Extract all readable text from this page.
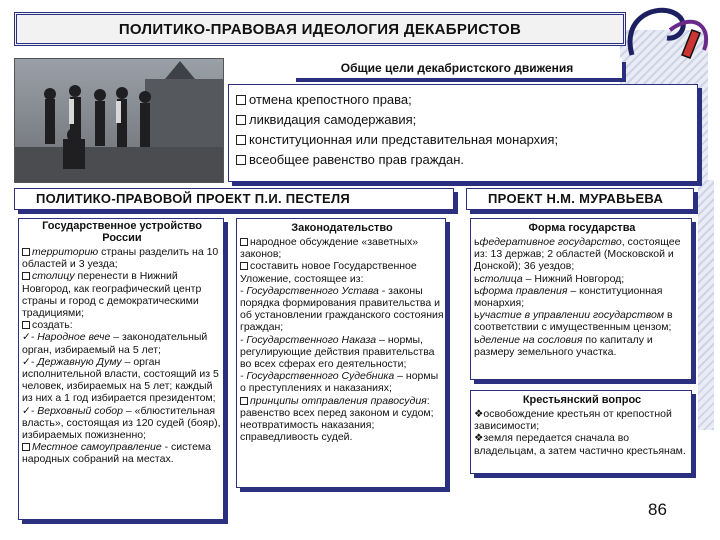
ПОЛИТИКО-ПРАВОВАЯ ИДЕОЛОГИЯ ДЕКАБРИСТОВ
Общие цели декабристского движения
отмена крепостного права;
ликвидация самодержавия;
конституционная или представительная монархия;
всеобщее равенство прав граждан.
ПОЛИТИКО-ПРАВОВОЙ ПРОЕКТ П.И. ПЕСТЕЛЯ	ПРОЕКТ Н.М. МУРАВЬЕВА
Государственное устройство России

территорию страны разделить на 10 областей и 3 уезда;

столицу перенести в Нижний Новгород, как географический центр страны и город с демократическими традициями;

создать:

✓- Народное вече – законодательный орган, избираемый на 5 лет;

✓- Державную Думу – орган исполнительной власти, состоящий из 5 человек, избираемых на 5 лет; каждый из них а 1 год избирается президентом;

✓- Верховный собор – «блюстительная власть», состоящая из 120 судей (бояр), избираемых пожизненно;

Местное самоуправление - система народных собраний на местах.

Законодательство

народное обсуждение «заветных» законов;

составить новое Государственное Уложение, состоящее из:

- Государственного Устава - законы порядка формирования правительства и об установлении гражданского состояния граждан;

- Государственного Наказа – нормы, регулирующие действия правительства во всех сферах его деятельности;

- Государственного Судебника – нормы о преступлениях и наказаниях;

принципы отправления правосудия: равенство всех перед законом и судом; неотвратимость наказания; справедливость судей.

Форма государства

ьфедеративное государство, состоящее из: 13 держав; 2 областей (Московской и Донской); 36 уездов;

ьстолица – Нижний Новгород;

ьформа правления – конституционная монархия;

ьучастие в управлении государством в соответствии с имущественным цензом;

ьделение на сословия по капиталу и размеру земельного участка.

Крестьянский вопрос

❖освобождение крестьян от крепостной зависимости;

❖земля передается сначала во владельцам, а затем частично крестьянам.

86
